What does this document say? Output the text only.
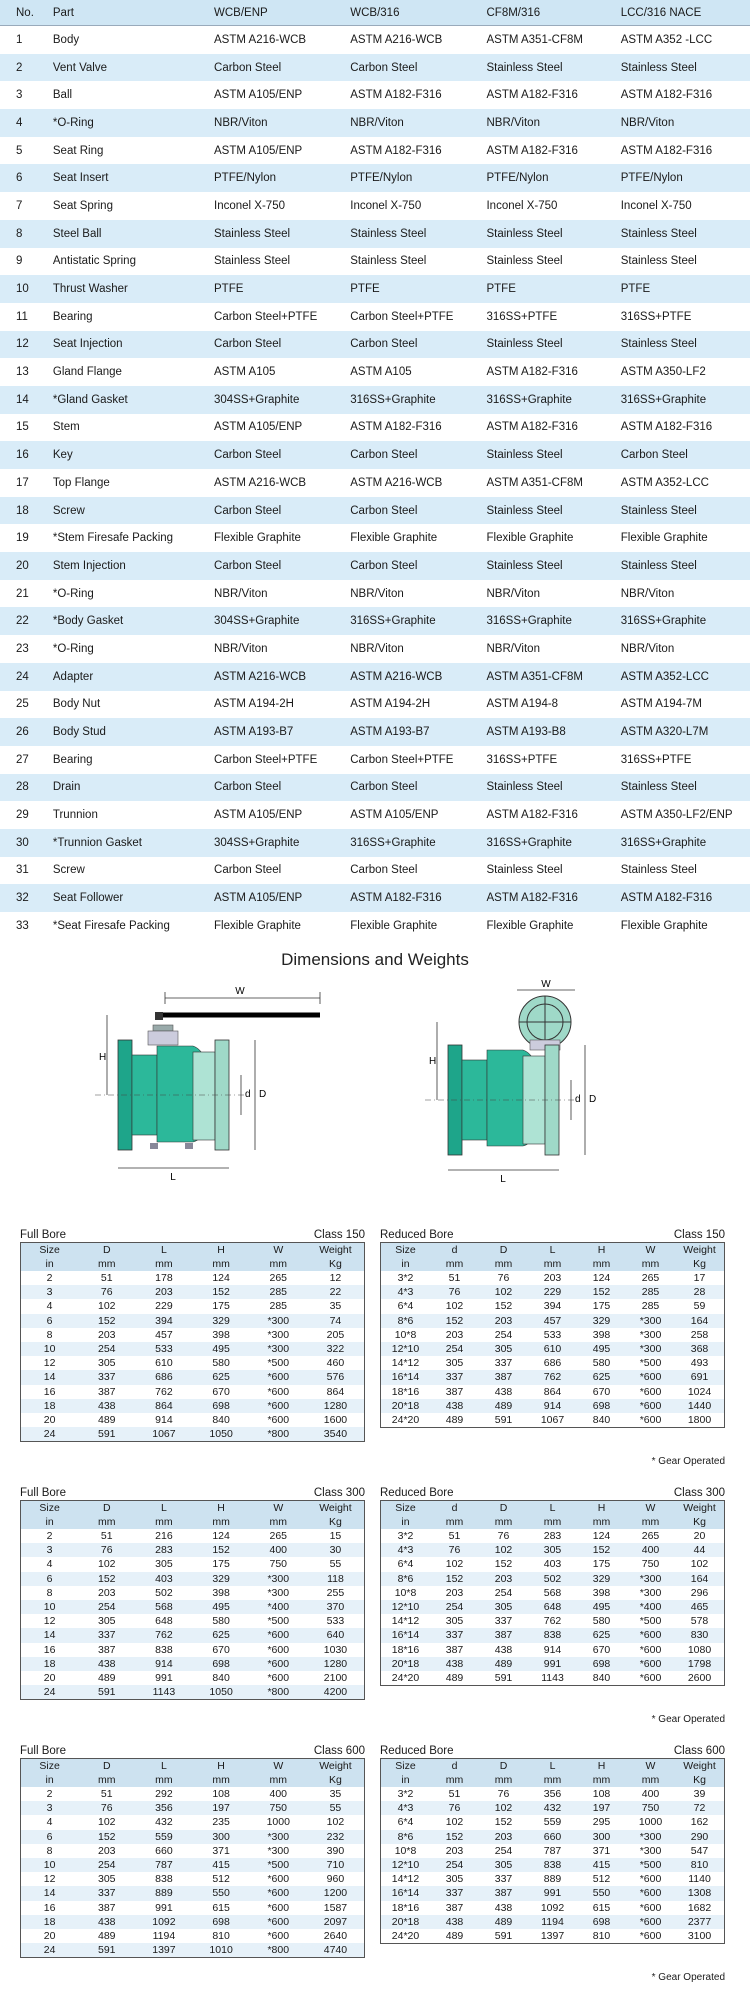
No.	Part	WCB/ENP	WCB/316	CF8M/316	LCC/316 NACE
1	Body	ASTM A216-WCB	ASTM A216-WCB	ASTM A351-CF8M	ASTM A352 -LCC
2	Vent Valve	Carbon Steel	Carbon Steel	Stainless Steel	Stainless Steel
3	Ball	ASTM A105/ENP	ASTM A182-F316	ASTM A182-F316	ASTM A182-F316
4	*O-Ring	NBR/Viton	NBR/Viton	NBR/Viton	NBR/Viton
5	Seat Ring	ASTM A105/ENP	ASTM A182-F316	ASTM A182-F316	ASTM A182-F316
6	Seat Insert	PTFE/Nylon	PTFE/Nylon	PTFE/Nylon	PTFE/Nylon
7	Seat Spring	Inconel X-750	Inconel X-750	Inconel X-750	Inconel X-750
8	Steel Ball	Stainless Steel	Stainless Steel	Stainless Steel	Stainless Steel
9	Antistatic Spring	Stainless Steel	Stainless Steel	Stainless Steel	Stainless Steel
10	Thrust Washer	PTFE	PTFE	PTFE	PTFE
11	Bearing	Carbon Steel+PTFE	Carbon Steel+PTFE	316SS+PTFE	316SS+PTFE
12	Seat Injection	Carbon Steel	Carbon Steel	Stainless Steel	Stainless Steel
13	Gland Flange	ASTM A105	ASTM A105	ASTM A182-F316	ASTM A350-LF2
14	*Gland Gasket	304SS+Graphite	316SS+Graphite	316SS+Graphite	316SS+Graphite
15	Stem	ASTM A105/ENP	ASTM A182-F316	ASTM A182-F316	ASTM A182-F316
16	Key	Carbon Steel	Carbon Steel	Stainless Steel	Carbon Steel
17	Top Flange	ASTM A216-WCB	ASTM A216-WCB	ASTM A351-CF8M	ASTM A352-LCC
18	Screw	Carbon Steel	Carbon Steel	Stainless Steel	Stainless Steel
19	*Stem Firesafe Packing	Flexible Graphite	Flexible Graphite	Flexible Graphite	Flexible Graphite
20	Stem Injection	Carbon Steel	Carbon Steel	Stainless Steel	Stainless Steel
21	*O-Ring	NBR/Viton	NBR/Viton	NBR/Viton	NBR/Viton
22	*Body Gasket	304SS+Graphite	316SS+Graphite	316SS+Graphite	316SS+Graphite
23	*O-Ring	NBR/Viton	NBR/Viton	NBR/Viton	NBR/Viton
24	Adapter	ASTM A216-WCB	ASTM A216-WCB	ASTM A351-CF8M	ASTM A352-LCC
25	Body Nut	ASTM A194-2H	ASTM A194-2H	ASTM A194-8	ASTM A194-7M
26	Body Stud	ASTM A193-B7	ASTM A193-B7	ASTM A193-B8	ASTM A320-L7M
27	Bearing	Carbon Steel+PTFE	Carbon Steel+PTFE	316SS+PTFE	316SS+PTFE
28	Drain	Carbon Steel	Carbon Steel	Stainless Steel	Stainless Steel
29	Trunnion	ASTM A105/ENP	ASTM A105/ENP	ASTM A182-F316	ASTM A350-LF2/ENP
30	*Trunnion Gasket	304SS+Graphite	316SS+Graphite	316SS+Graphite	316SS+Graphite
31	Screw	Carbon Steel	Carbon Steel	Stainless Steel	Stainless Steel
32	Seat Follower	ASTM A105/ENP	ASTM A182-F316	ASTM A182-F316	ASTM A182-F316
33	*Seat Firesafe Packing	Flexible Graphite	Flexible Graphite	Flexible Graphite	Flexible Graphite
Dimensions and Weights
W
H
L
d D
W
H
L
d D
Full Bore	Class 150
Size	D	L	H	W	Weight
in	mm	mm	mm	mm	Kg
2	51	178	124	265	12
3	76	203	152	285	22
4	102	229	175	285	35
6	152	394	329	*300	74
8	203	457	398	*300	205
10	254	533	495	*300	322
12	305	610	580	*500	460
14	337	686	625	*600	576
16	387	762	670	*600	864
18	438	864	698	*600	1280
20	489	914	840	*600	1600
24	591	1067	1050	*800	3540
Reduced Bore	Class 150
Size	d	D	L	H	W	Weight
in	mm	mm	mm	mm	mm	Kg
3*2	51	76	203	124	265	17
4*3	76	102	229	152	285	28
6*4	102	152	394	175	285	59
8*6	152	203	457	329	*300	164
10*8	203	254	533	398	*300	258
12*10	254	305	610	495	*300	368
14*12	305	337	686	580	*500	493
16*14	337	387	762	625	*600	691
18*16	387	438	864	670	*600	1024
20*18	438	489	914	698	*600	1440
24*20	489	591	1067	840	*600	1800
* Gear Operated
Full Bore	Class 300
Size	D	L	H	W	Weight
in	mm	mm	mm	mm	Kg
2	51	216	124	265	15
3	76	283	152	400	30
4	102	305	175	750	55
6	152	403	329	*300	118
8	203	502	398	*300	255
10	254	568	495	*400	370
12	305	648	580	*500	533
14	337	762	625	*600	640
16	387	838	670	*600	1030
18	438	914	698	*600	1280
20	489	991	840	*600	2100
24	591	1143	1050	*800	4200
Reduced Bore	Class 300
Size	d	D	L	H	W	Weight
in	mm	mm	mm	mm	mm	Kg
3*2	51	76	283	124	265	20
4*3	76	102	305	152	400	44
6*4	102	152	403	175	750	102
8*6	152	203	502	329	*300	164
10*8	203	254	568	398	*300	296
12*10	254	305	648	495	*400	465
14*12	305	337	762	580	*500	578
16*14	337	387	838	625	*600	830
18*16	387	438	914	670	*600	1080
20*18	438	489	991	698	*600	1798
24*20	489	591	1143	840	*600	2600
* Gear Operated
Full Bore	Class 600
Size	D	L	H	W	Weight
in	mm	mm	mm	mm	Kg
2	51	292	108	400	35
3	76	356	197	750	55
4	102	432	235	1000	102
6	152	559	300	*300	232
8	203	660	371	*300	390
10	254	787	415	*500	710
12	305	838	512	*600	960
14	337	889	550	*600	1200
16	387	991	615	*600	1587
18	438	1092	698	*600	2097
20	489	1194	810	*600	2640
24	591	1397	1010	*800	4740
Reduced Bore	Class 600
Size	d	D	L	H	W	Weight
in	mm	mm	mm	mm	mm	Kg
3*2	51	76	356	108	400	39
4*3	76	102	432	197	750	72
6*4	102	152	559	295	1000	162
8*6	152	203	660	300	*300	290
10*8	203	254	787	371	*300	547
12*10	254	305	838	415	*500	810
14*12	305	337	889	512	*600	1140
16*14	337	387	991	550	*600	1308
18*16	387	438	1092	615	*600	1682
20*18	438	489	1194	698	*600	2377
24*20	489	591	1397	810	*600	3100
* Gear Operated
